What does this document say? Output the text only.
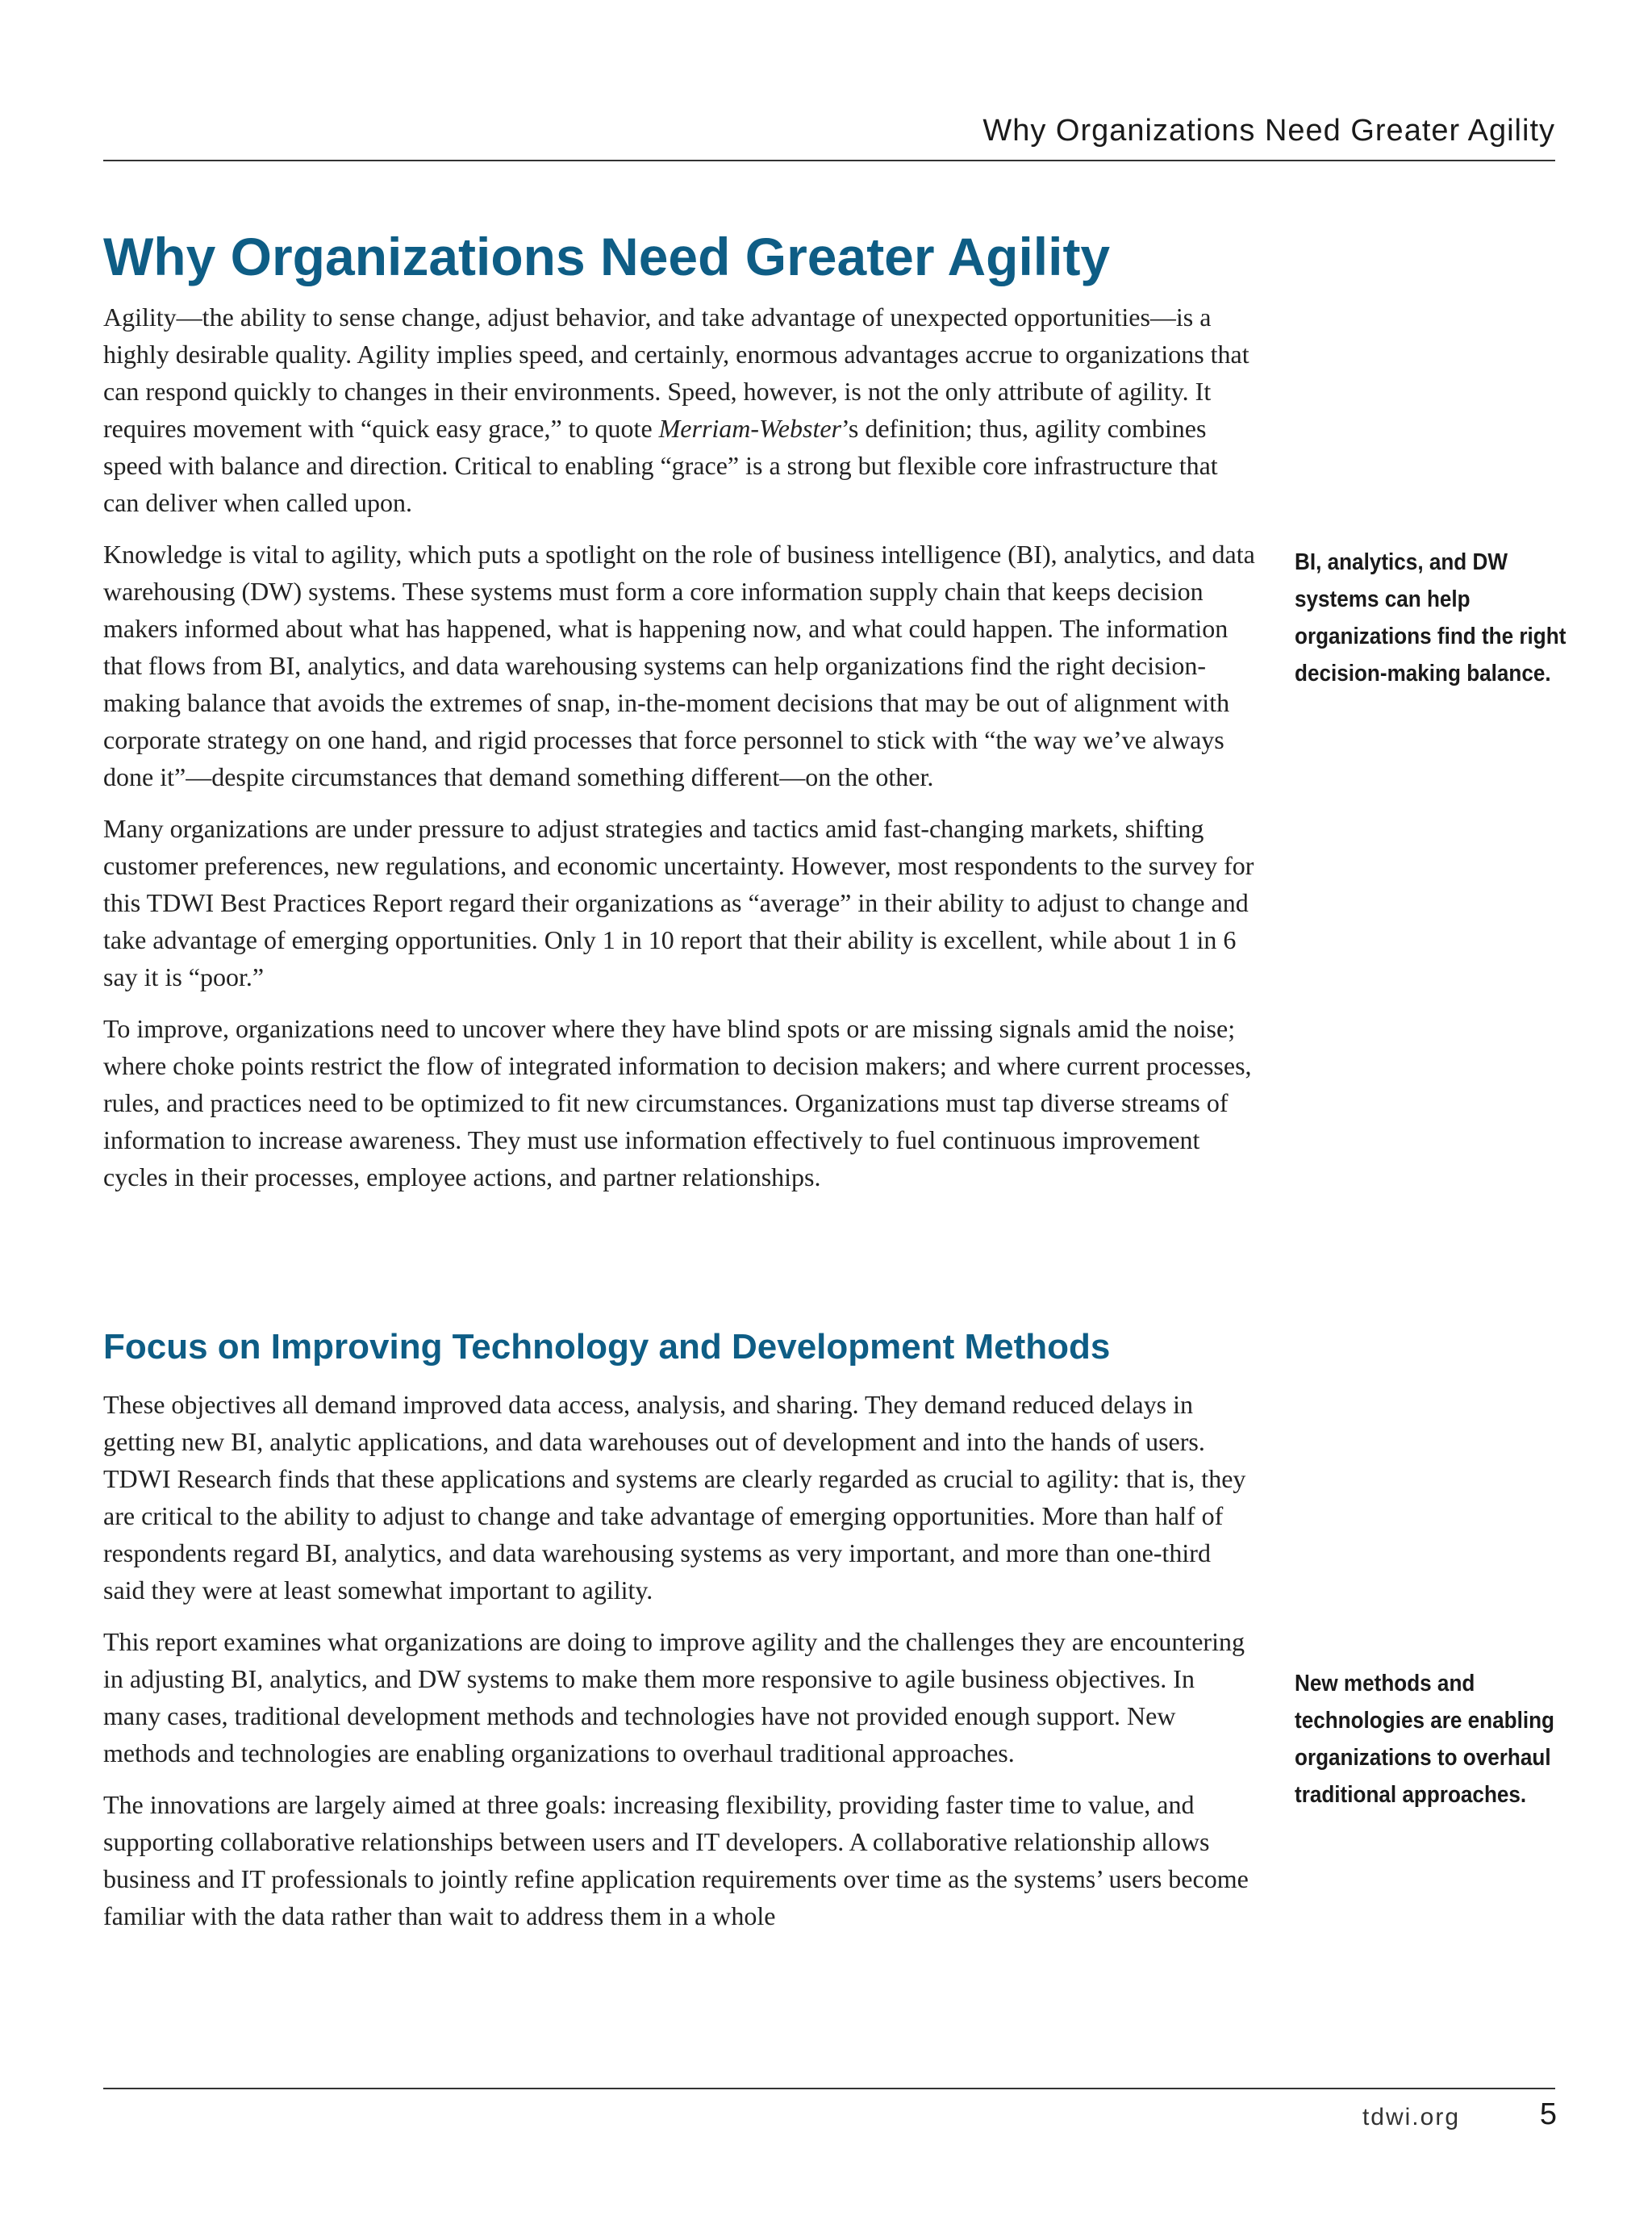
Why Organizations Need Greater Agility
Why Organizations Need Greater Agility

Agility—the ability to sense change, adjust behavior, and take advantage of unexpected opportunities—is a highly desirable quality. Agility implies speed, and certainly, enormous advantages accrue to organizations that can respond quickly to changes in their environments. Speed, however, is not the only attribute of agility. It requires movement with “quick easy grace,” to quote Merriam-Webster’s definition; thus, agility combines speed with balance and direction. Critical to enabling “grace” is a strong but flexible core infrastructure that can deliver when called upon.

Knowledge is vital to agility, which puts a spotlight on the role of business intelligence (BI), analytics, and data warehousing (DW) systems. These systems must form a core information supply chain that keeps decision makers informed about what has happened, what is happening now, and what could happen. The information that flows from BI, analytics, and data warehousing systems can help organizations find the right decision-making balance that avoids the extremes of snap, in-the-moment decisions that may be out of alignment with corporate strategy on one hand, and rigid processes that force personnel to stick with “the way we’ve always done it”—despite circumstances that demand something different—on the other.

Many organizations are under pressure to adjust strategies and tactics amid fast-changing markets, shifting customer preferences, new regulations, and economic uncertainty. However, most respondents to the survey for this TDWI Best Practices Report regard their organizations as “average” in their ability to adjust to change and take advantage of emerging opportunities. Only 1 in 10 report that their ability is excellent, while about 1 in 6 say it is “poor.”

To improve, organizations need to uncover where they have blind spots or are missing signals amid the noise; where choke points restrict the flow of integrated information to decision makers; and where current processes, rules, and practices need to be optimized to fit new circumstances. Organizations must tap diverse streams of information to increase awareness. They must use information effectively to fuel continuous improvement cycles in their processes, employee actions, and partner relationships.

Focus on Improving Technology and Development Methods

These objectives all demand improved data access, analysis, and sharing. They demand reduced delays in getting new BI, analytic applications, and data warehouses out of development and into the hands of users. TDWI Research finds that these applications and systems are clearly regarded as crucial to agility: that is, they are critical to the ability to adjust to change and take advantage of emerging opportunities. More than half of respondents regard BI, analytics, and data warehousing systems as very important, and more than one-third said they were at least somewhat important to agility.

This report examines what organizations are doing to improve agility and the challenges they are encountering in adjusting BI, analytics, and DW systems to make them more responsive to agile business objectives. In many cases, traditional development methods and technologies have not provided enough support. New methods and technologies are enabling organizations to overhaul traditional approaches.

The innovations are largely aimed at three goals: increasing flexibility, providing faster time to value, and supporting collaborative relationships between users and IT developers. A collaborative relationship allows business and IT professionals to jointly refine application requirements over time as the systems’ users become familiar with the data rather than wait to address them in a whole

BI, analytics, and DW systems can help organizations find the right decision-making balance.
New methods and technologies are enabling organizations to overhaul traditional approaches.
tdwi.org	5
